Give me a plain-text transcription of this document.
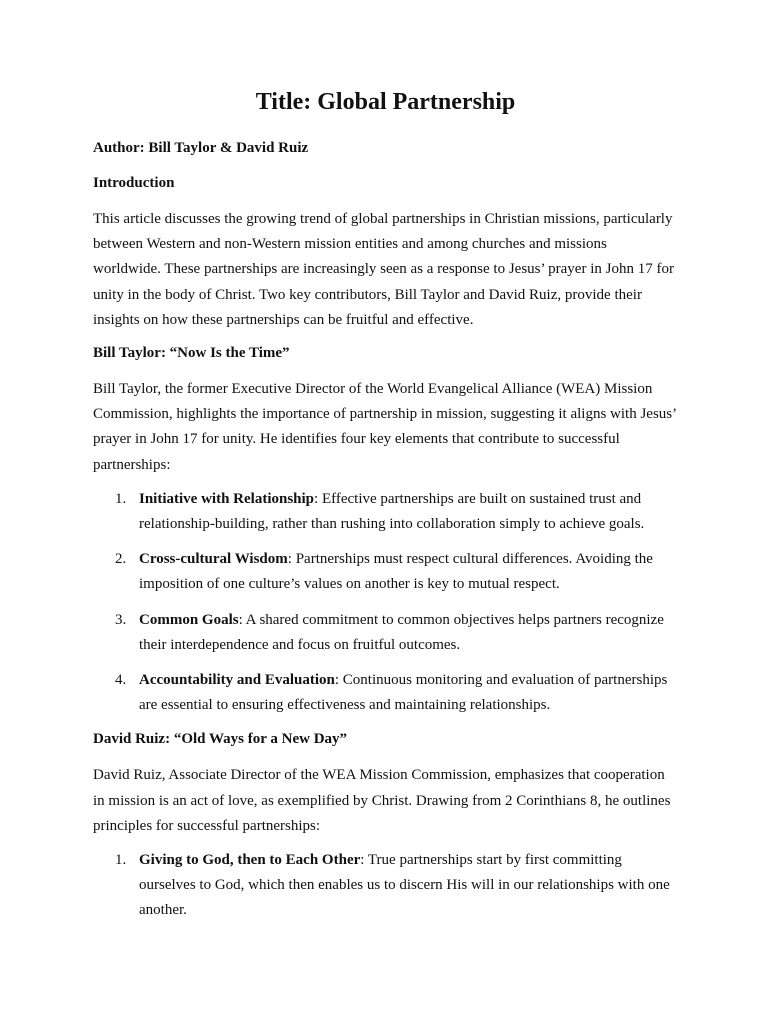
Title: Global Partnership

Author: Bill Taylor & David Ruiz

Introduction

This article discusses the growing trend of global partnerships in Christian missions, particularly between Western and non-Western mission entities and among churches and missions worldwide. These partnerships are increasingly seen as a response to Jesus’ prayer in John 17 for unity in the body of Christ. Two key contributors, Bill Taylor and David Ruiz, provide their insights on how these partnerships can be fruitful and effective.

Bill Taylor: “Now Is the Time”

Bill Taylor, the former Executive Director of the World Evangelical Alliance (WEA) Mission Commission, highlights the importance of partnership in mission, suggesting it aligns with Jesus’ prayer in John 17 for unity. He identifies four key elements that contribute to successful partnerships:

1. Initiative with Relationship: Effective partnerships are built on sustained trust and relationship-building, rather than rushing into collaboration simply to achieve goals.
2. Cross-cultural Wisdom: Partnerships must respect cultural differences. Avoiding the imposition of one culture’s values on another is key to mutual respect.
3. Common Goals: A shared commitment to common objectives helps partners recognize their interdependence and focus on fruitful outcomes.
4. Accountability and Evaluation: Continuous monitoring and evaluation of partnerships are essential to ensuring effectiveness and maintaining relationships.

David Ruiz: “Old Ways for a New Day”

David Ruiz, Associate Director of the WEA Mission Commission, emphasizes that cooperation in mission is an act of love, as exemplified by Christ. Drawing from 2 Corinthians 8, he outlines principles for successful partnerships:

1. Giving to God, then to Each Other: True partnerships start by first committing ourselves to God, which then enables us to discern His will in our relationships with one another.
